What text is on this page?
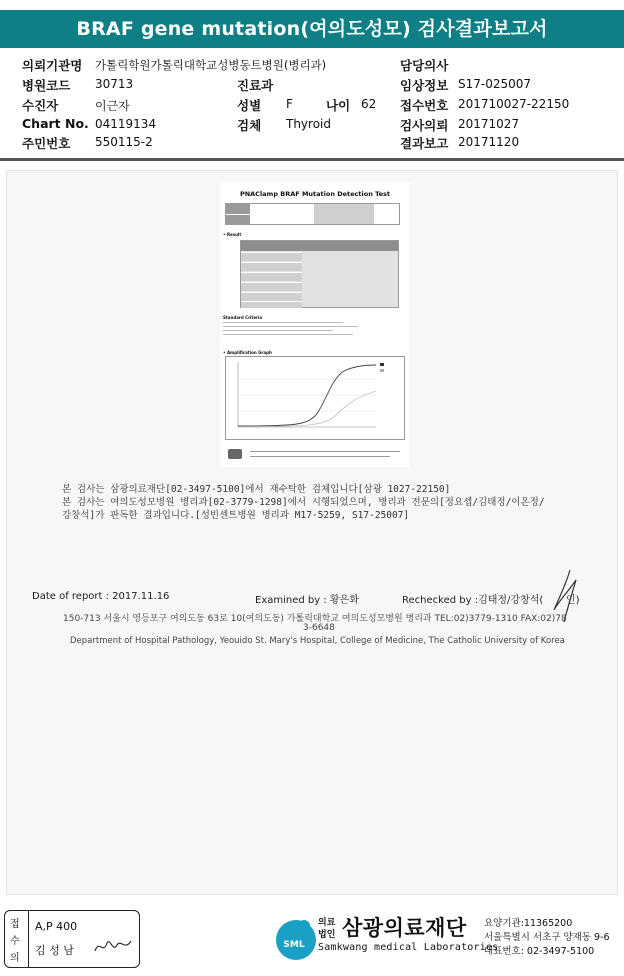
BRAF gene mutation(여의도성모) 검사결과보고서
의뢰기관명 가톨릭학원가톨릭대학교성병동트병원(병리과)	담당의사
병원코드 30713	진료과	임상정보 S17-025007
수진자	이근자	성별 F	나이 62 접수번호 201710027-22150
Chart No. 04119134	검체 Thyroid	검사의뢰 20171027
주민번호 550115-2	결과보고 20171120
PNAClamp BRAF Mutation Detection Test
• Result
Standard Criteria
• Amplification Graph
본 검사는 삼광의료재단[02-3497-5100]에서 재수탁한 검체입니다[삼광 1027-22150]
본 검사는 여의도성모병원 병리과[02-3779-1298]에서 시행되었으며, 병리과 전문의[정요셉/김태정/이온정/
강창석]가 판독한 결과입니다.[성빈센트병원 병리과 M17-5259, S17-25007]
Date of report : 2017.11.16	Examined by : 황은화	Rechecked by :김태정/강창석( 인)
150-713 서울시 영등포구 여의도동 63로 10(여의도동) 가톨릭대학교 여의도성모병원 병리과 TEL:02)3779-1310 FAX:02)78
3-6648
Department of Hospital Pathology, Yeouido St. Mary's Hospital, College of Medicine, The Catholic University of Korea
접
수
의
A,P 400
김 성 남	SML
의료
법인 삼광의료재단
Samkwang medical Laboratories
요양기관:11365200
서울특별시 서초구 양재동 9-6
대표번호: 02-3497-5100
